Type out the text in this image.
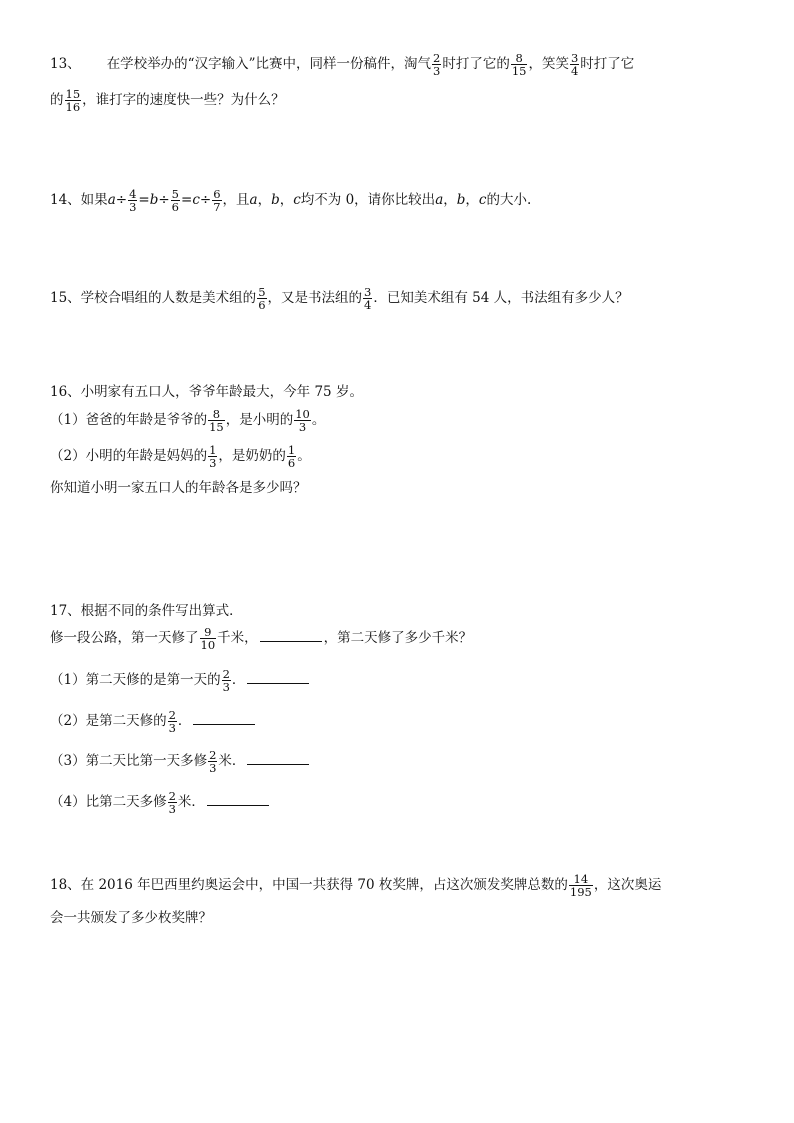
13、 在学校举办的“汉字输入”比赛中，同样一份稿件，淘气 $\frac{2}{3}$ 时打了它的 $\frac{8}{15}$ ，笑笑 $\frac{3}{4}$ 时打了它
的 $\frac{15}{16}$ ，谁打字的速度快一些？为什么？
14、如果$a\div \frac{4}{3} =b\div \frac{5}{6} =c\div \frac{6}{7}$ ，且a，b，c均不为 0，请你比较出a，b，c的大小.
15、学校合唱组的人数是美术组的 $\frac{5}{6}$ ，又是书法组的 $\frac{3}{4}$ ．已知美术组有 54 人，书法组有多少人？
16、小明家有五口人，爷爷年龄最大，今年 75 岁。
（1）爸爸的年龄是爷爷的 $\frac{8}{15}$ ，是小明的 $\frac{10}{3}$ 。
（2）小明的年龄是妈妈的 $\frac{1}{3}$ ，是奶奶的 $\frac{1}{6}$ 。
你知道小明一家五口人的年龄各是多少吗？
17、根据不同的条件写出算式．
修一段公路，第一天修了 $\frac{9}{10}$ 千米，	，第二天修了多少千米？
（1）第二天修的是第一天的 $\frac{2}{3}$ ．
（2）是第二天修的 $\frac{2}{3}$ ．
（3）第二天比第一天多修 $\frac{2}{3}$ 米．
（4）比第二天多修 $\frac{2}{3}$ 米．
18、在 2016 年巴西里约奥运会中，中国一共获得 70 枚奖牌，占这次颁发奖牌总数的 $\frac{14}{195}$ ，这次奥运
会一共颁发了多少枚奖牌？
